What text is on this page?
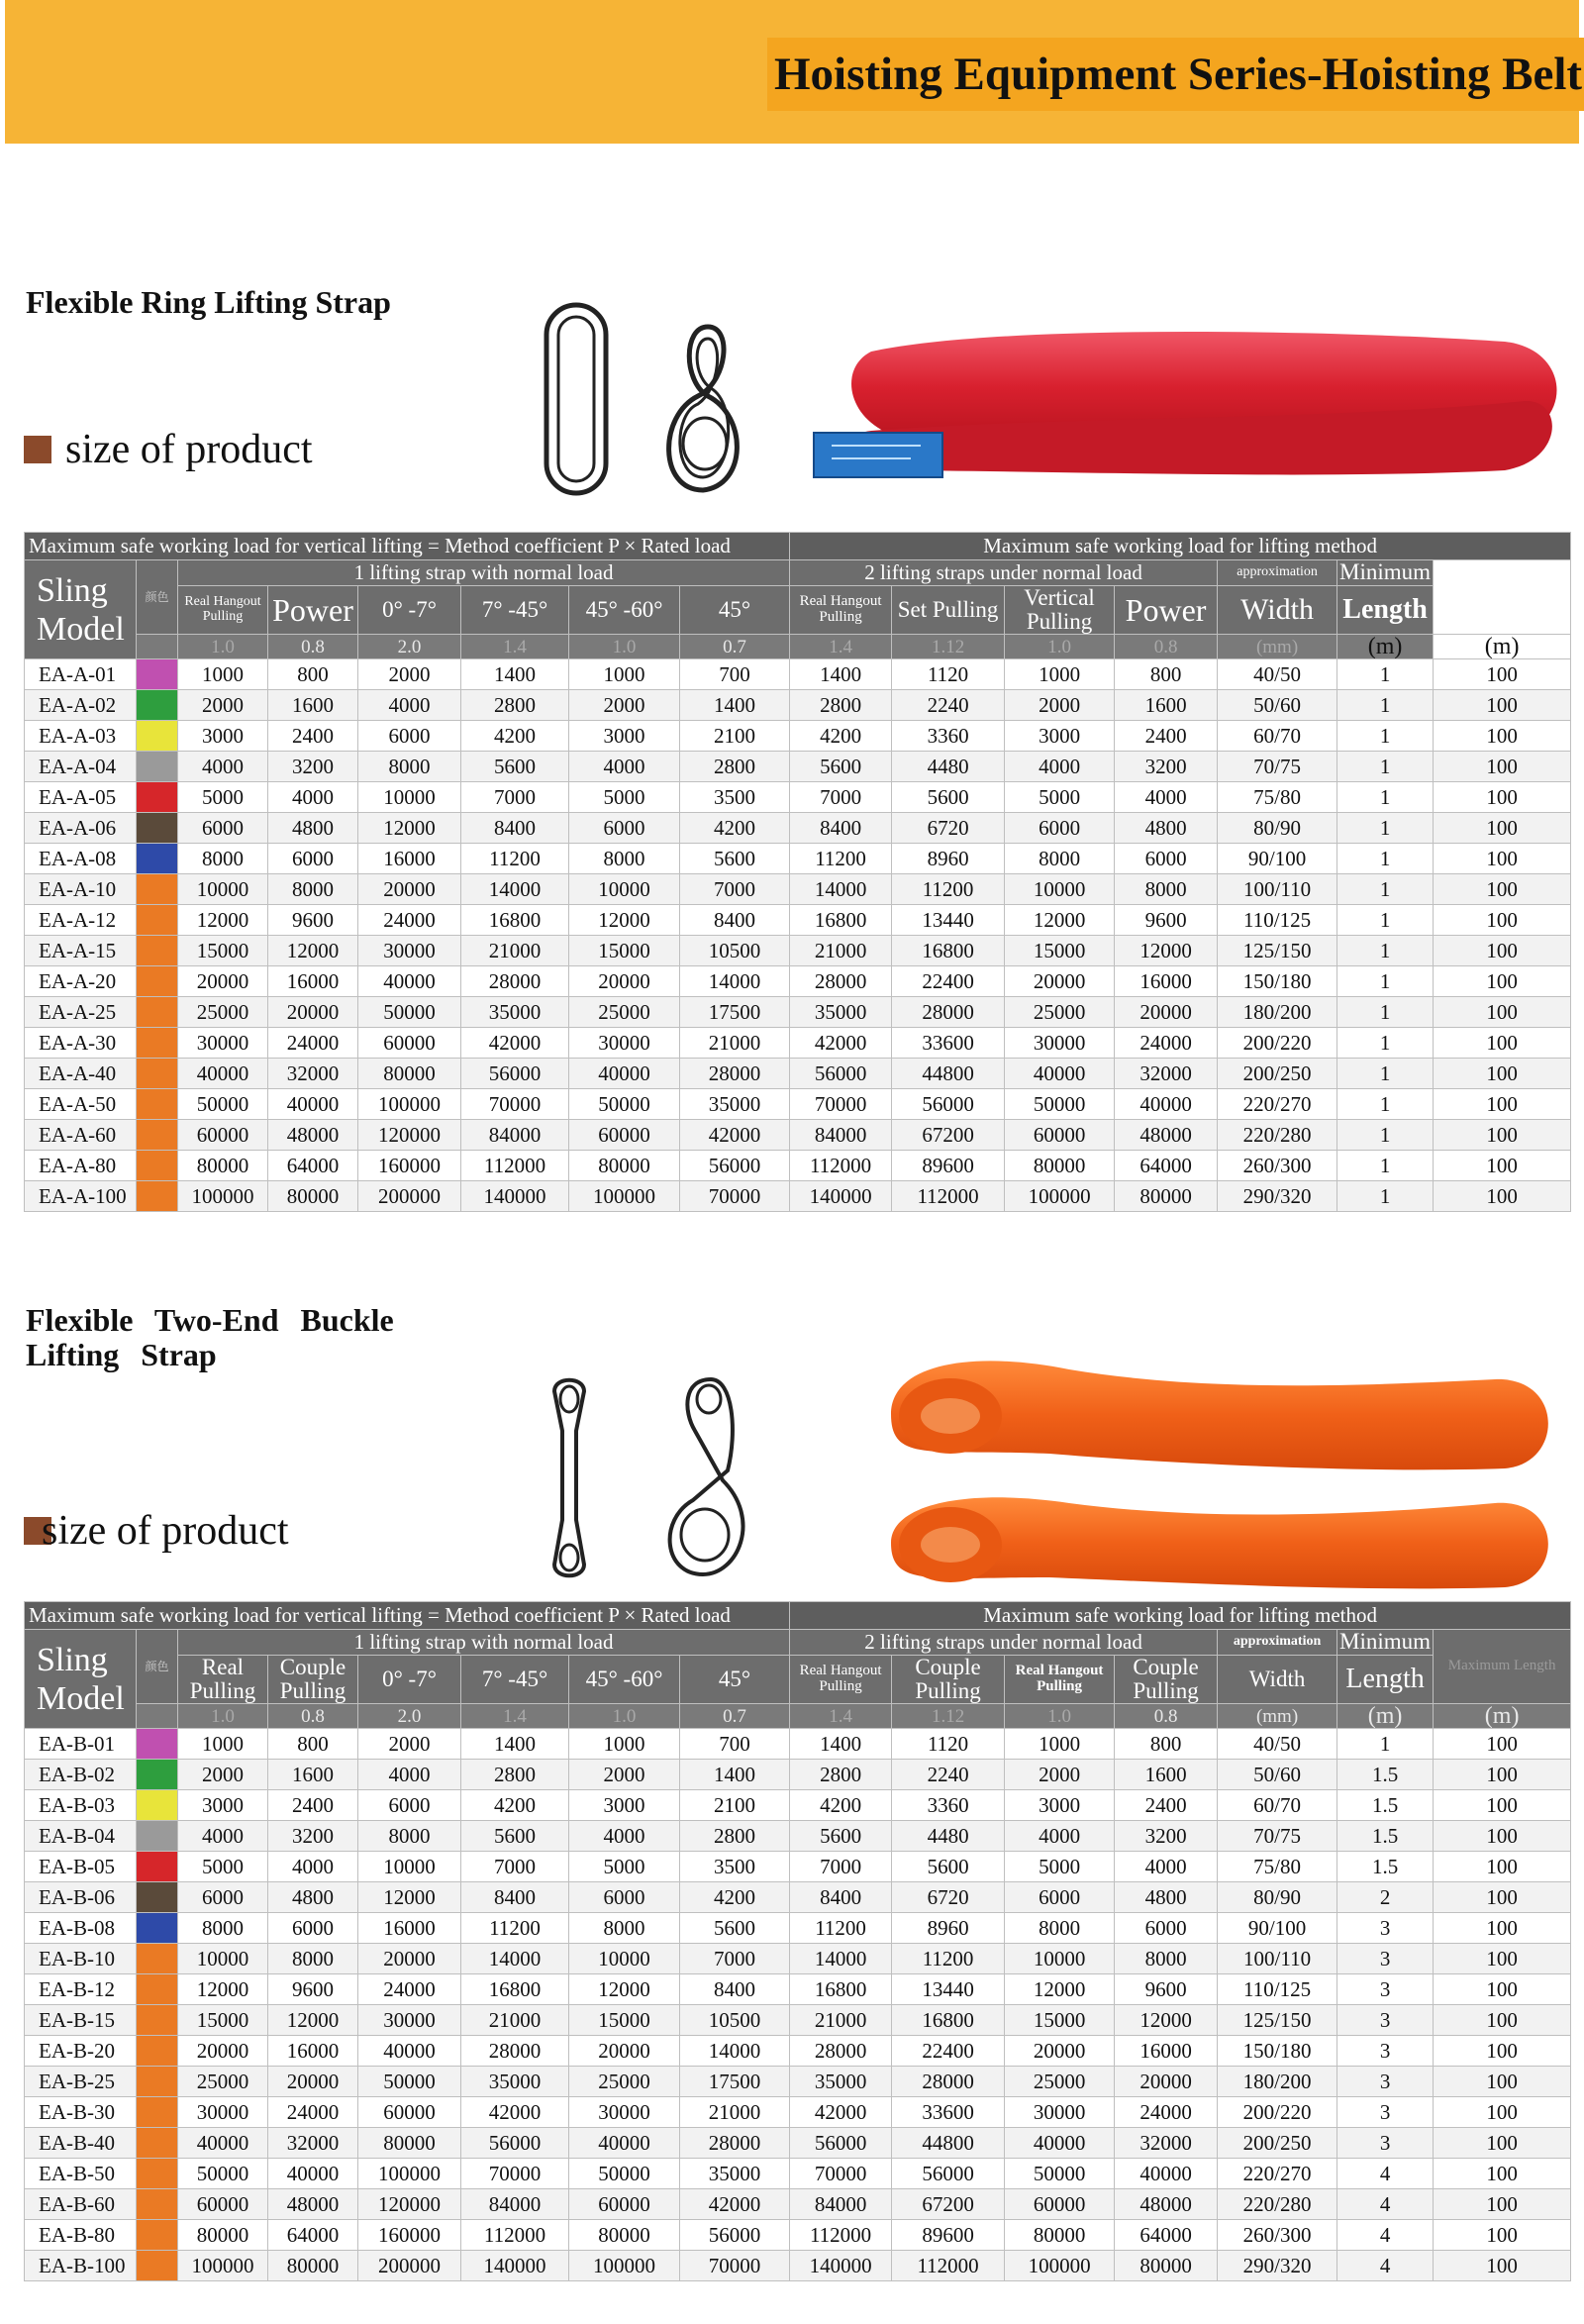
Hoisting Equipment Series-Hoisting Belt
Flexible Ring Lifting Strap
size of product
Maximum safe working load for vertical lifting = Method coefficient P × Rated load								Maximum safe working load for lifting method						
Sling Model	颜色	1 lifting strap with normal load						2 lifting straps under normal load				approximation	Minimum	

		Real Hangout Pulling	Power	0° -7°	7° -45°	45° -60°	45°	Real Hangout Pulling	Set Pulling	Vertical Pulling	Power	Width	Length	
		1.0	0.8	2.0	1.4	1.0	0.7	1.4	1.12	1.0	0.8	(mm)	(m)	(m)
EA-A-01		1000	800	2000	1400	1000	700	1400	1120	1000	800	40/50	1	100
EA-A-02		2000	1600	4000	2800	2000	1400	2800	2240	2000	1600	50/60	1	100
EA-A-03		3000	2400	6000	4200	3000	2100	4200	3360	3000	2400	60/70	1	100
EA-A-04		4000	3200	8000	5600	4000	2800	5600	4480	4000	3200	70/75	1	100
EA-A-05		5000	4000	10000	7000	5000	3500	7000	5600	5000	4000	75/80	1	100
EA-A-06		6000	4800	12000	8400	6000	4200	8400	6720	6000	4800	80/90	1	100
EA-A-08		8000	6000	16000	11200	8000	5600	11200	8960	8000	6000	90/100	1	100
EA-A-10		10000	8000	20000	14000	10000	7000	14000	11200	10000	8000	100/110	1	100
EA-A-12		12000	9600	24000	16800	12000	8400	16800	13440	12000	9600	110/125	1	100
EA-A-15		15000	12000	30000	21000	15000	10500	21000	16800	15000	12000	125/150	1	100
EA-A-20		20000	16000	40000	28000	20000	14000	28000	22400	20000	16000	150/180	1	100
EA-A-25		25000	20000	50000	35000	25000	17500	35000	28000	25000	20000	180/200	1	100
EA-A-30		30000	24000	60000	42000	30000	21000	42000	33600	30000	24000	200/220	1	100
EA-A-40		40000	32000	80000	56000	40000	28000	56000	44800	40000	32000	200/250	1	100
EA-A-50		50000	40000	100000	70000	50000	35000	70000	56000	50000	40000	220/270	1	100
EA-A-60		60000	48000	120000	84000	60000	42000	84000	67200	60000	48000	220/280	1	100
EA-A-80		80000	64000	160000	112000	80000	56000	112000	89600	80000	64000	260/300	1	100
EA-A-100		100000	80000	200000	140000	100000	70000	140000	112000	100000	80000	290/320	1	100
Flexible Two-End Buckle Lifting Strap
size of product
Maximum safe working load for vertical lifting = Method coefficient P × Rated load								Maximum safe working load for lifting method						
Sling Model	颜色	1 lifting strap with normal load						2 lifting straps under normal load				approximation	Minimum	Maximum Length
		Real Pulling	Couple Pulling	0° -7°	7° -45°	45° -60°	45°	Real Hangout Pulling	Couple Pulling	Real Hangout Pulling	Couple Pulling	Width	Length	
		1.0	0.8	2.0	1.4	1.0	0.7	1.4	1.12	1.0	0.8	(mm)	(m)	(m)
EA-B-01		1000	800	2000	1400	1000	700	1400	1120	1000	800	40/50	1	100
EA-B-02		2000	1600	4000	2800	2000	1400	2800	2240	2000	1600	50/60	1.5	100
EA-B-03		3000	2400	6000	4200	3000	2100	4200	3360	3000	2400	60/70	1.5	100
EA-B-04		4000	3200	8000	5600	4000	2800	5600	4480	4000	3200	70/75	1.5	100
EA-B-05		5000	4000	10000	7000	5000	3500	7000	5600	5000	4000	75/80	1.5	100
EA-B-06		6000	4800	12000	8400	6000	4200	8400	6720	6000	4800	80/90	2	100
EA-B-08		8000	6000	16000	11200	8000	5600	11200	8960	8000	6000	90/100	3	100
EA-B-10		10000	8000	20000	14000	10000	7000	14000	11200	10000	8000	100/110	3	100
EA-B-12		12000	9600	24000	16800	12000	8400	16800	13440	12000	9600	110/125	3	100
EA-B-15		15000	12000	30000	21000	15000	10500	21000	16800	15000	12000	125/150	3	100
EA-B-20		20000	16000	40000	28000	20000	14000	28000	22400	20000	16000	150/180	3	100
EA-B-25		25000	20000	50000	35000	25000	17500	35000	28000	25000	20000	180/200	3	100
EA-B-30		30000	24000	60000	42000	30000	21000	42000	33600	30000	24000	200/220	3	100
EA-B-40		40000	32000	80000	56000	40000	28000	56000	44800	40000	32000	200/250	3	100
EA-B-50		50000	40000	100000	70000	50000	35000	70000	56000	50000	40000	220/270	4	100
EA-B-60		60000	48000	120000	84000	60000	42000	84000	67200	60000	48000	220/280	4	100
EA-B-80		80000	64000	160000	112000	80000	56000	112000	89600	80000	64000	260/300	4	100
EA-B-100		100000	80000	200000	140000	100000	70000	140000	112000	100000	80000	290/320	4	100
